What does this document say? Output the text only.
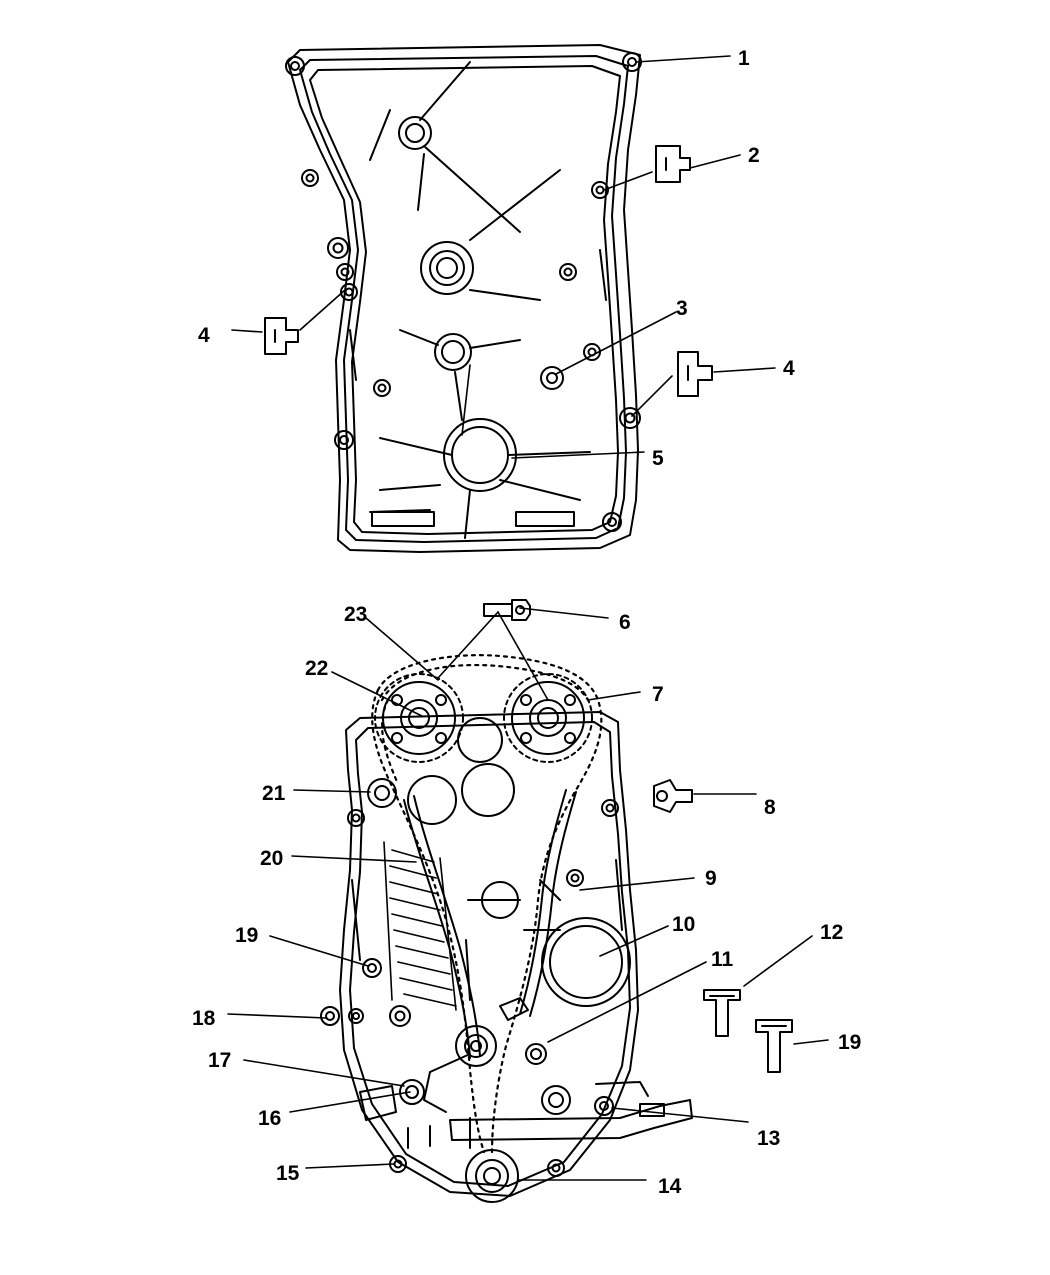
1
2
3
4
4
5
6
7
8
9
10
11
12
13
14
15
16
17
18
19
19
20
21
22
23
